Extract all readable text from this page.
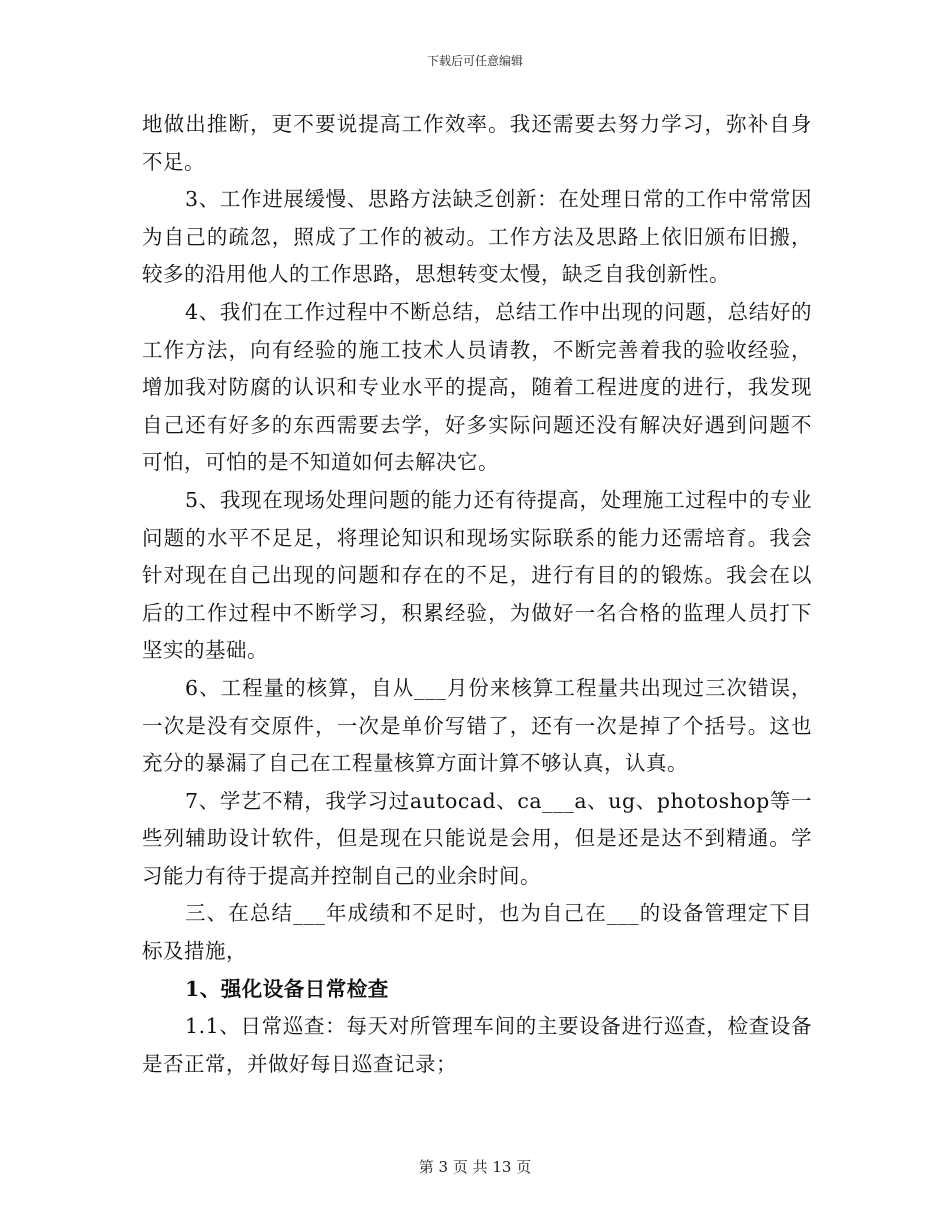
下载后可任意编辑

地做出推断，更不要说提高工作效率。我还需要去努力学习，弥补自身不足。

3、工作进展缓慢、思路方法缺乏创新：在处理日常的工作中常常因为自己的疏忽，照成了工作的被动。工作方法及思路上依旧颁布旧搬，较多的沿用他人的工作思路，思想转变太慢，缺乏自我创新性。

4、我们在工作过程中不断总结，总结工作中出现的问题，总结好的工作方法，向有经验的施工技术人员请教，不断完善着我的验收经验，增加我对防腐的认识和专业水平的提高，随着工程进度的进行，我发现自己还有好多的东西需要去学，好多实际问题还没有解决好遇到问题不可怕，可怕的是不知道如何去解决它。

5、我现在现场处理问题的能力还有待提高，处理施工过程中的专业问题的水平不足足，将理论知识和现场实际联系的能力还需培育。我会针对现在自己出现的问题和存在的不足，进行有目的的锻炼。我会在以后的工作过程中不断学习，积累经验，为做好一名合格的监理人员打下坚实的基础。

6、工程量的核算，自从___月份来核算工程量共出现过三次错误，一次是没有交原件，一次是单价写错了，还有一次是掉了个括号。这也充分的暴漏了自己在工程量核算方面计算不够认真，认真。

7、学艺不精，我学习过autocad、ca___a、ug、photoshop等一些列辅助设计软件，但是现在只能说是会用，但是还是达不到精通。学习能力有待于提高并控制自己的业余时间。

三、在总结___年成绩和不足时，也为自己在___的设备管理定下目标及措施，

1、强化设备日常检查

1.1、日常巡查：每天对所管理车间的主要设备进行巡查，检查设备是否正常，并做好每日巡查记录；

第 3 页 共 13 页
